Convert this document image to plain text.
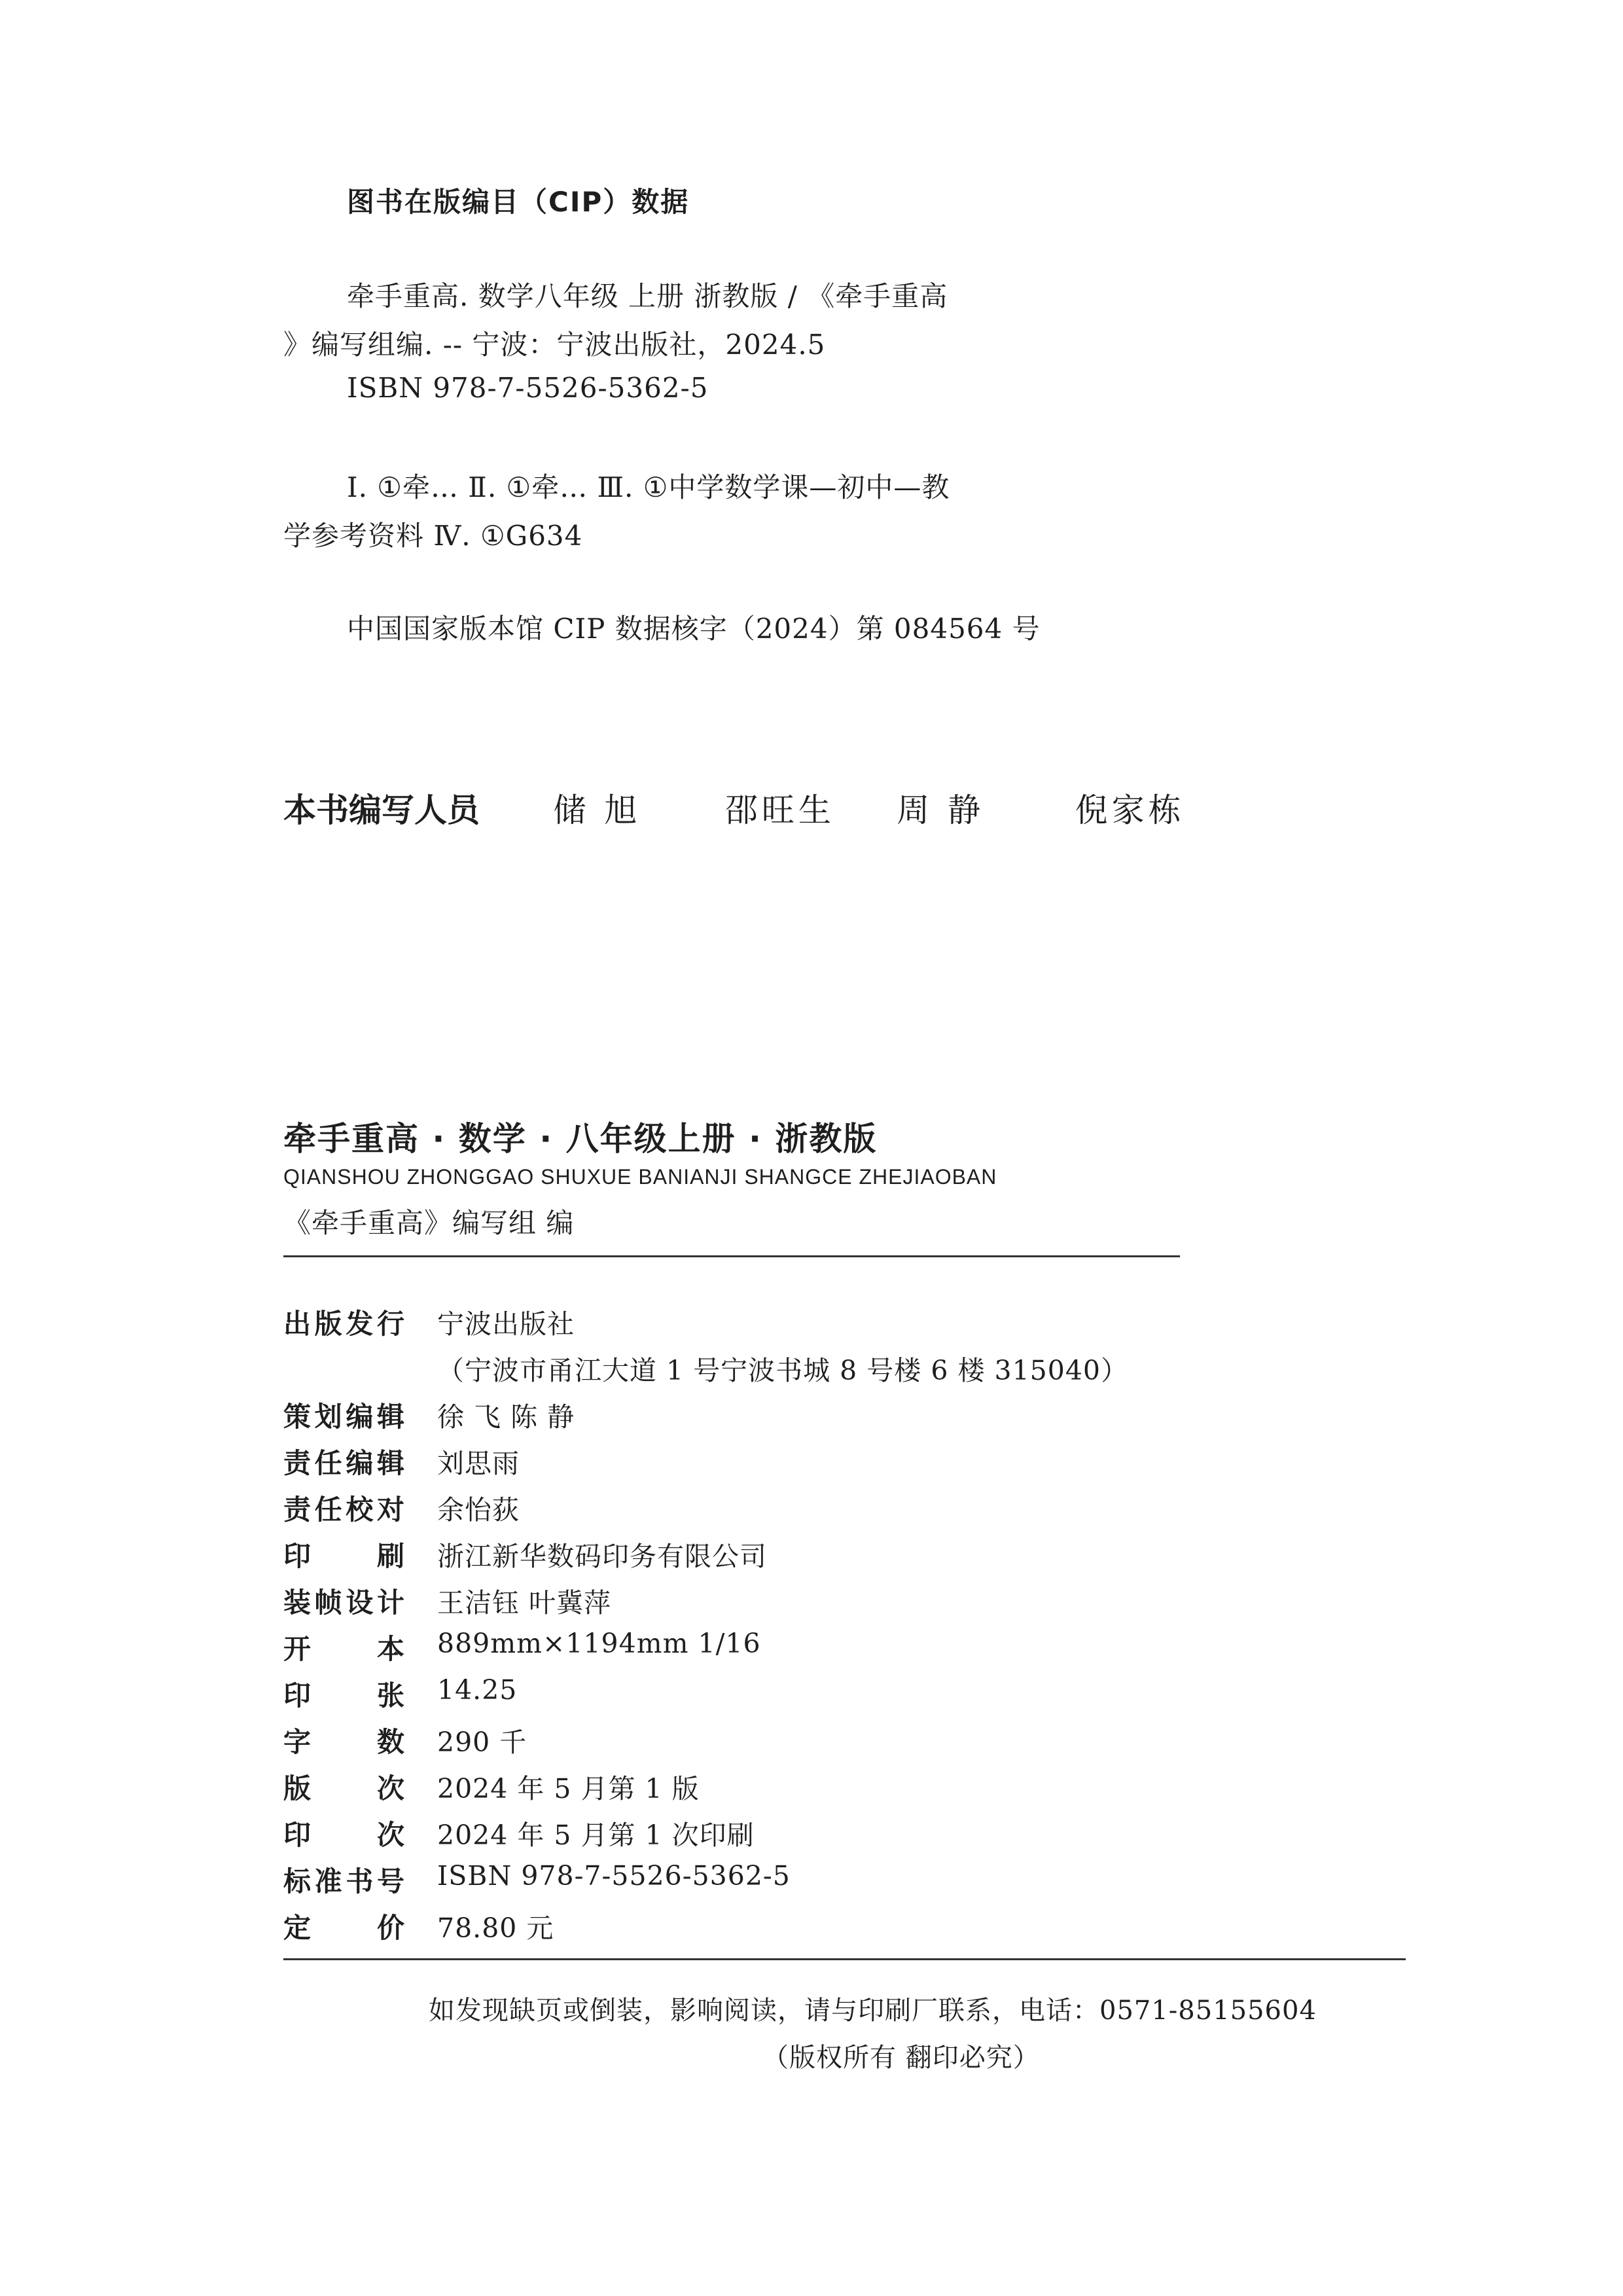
图书在版编目（CIP）数据
牵手重高. 数学八年级 上册 浙教版 / 《牵手重高
》编写组编. -- 宁波：宁波出版社，2024.5
ISBN 978-7-5526-5362-5
Ⅰ. ①牵… Ⅱ. ①牵… Ⅲ. ①中学数学课—初中—教
学参考资料 Ⅳ. ①G634
中国国家版本馆 CIP 数据核字（2024）第 084564 号
本书编写人员 储 旭	邵旺生 周 静	倪家栋
牵手重高 · 数学 · 八年级上册 · 浙教版
QIANSHOU ZHONGGAO SHUXUE BANIANJI SHANGCE ZHEJIAOBAN
《牵手重高》编写组 编
出 版 发 行 宁波出版社
（宁波市甬江大道 1 号宁波书城 8 号楼 6 楼 315040）
策 划 编 辑 徐 飞 陈 静
责 任 编 辑 刘思雨
责 任 校 对 余怡荻
印 刷 浙江新华数码印务有限公司
装 帧 设 计 王洁钰 叶冀萍
开 本 889mm×1194mm 1/16
印 张 14.25
字 数 290 千
版 次 2024 年 5 月第 1 版
印 次 2024 年 5 月第 1 次印刷
标 准 书 号 ISBN 978-7-5526-5362-5
定 价 78.80 元
如发现缺页或倒装，影响阅读，请与印刷厂联系，电话：0571-85155604
（版权所有 翻印必究）
